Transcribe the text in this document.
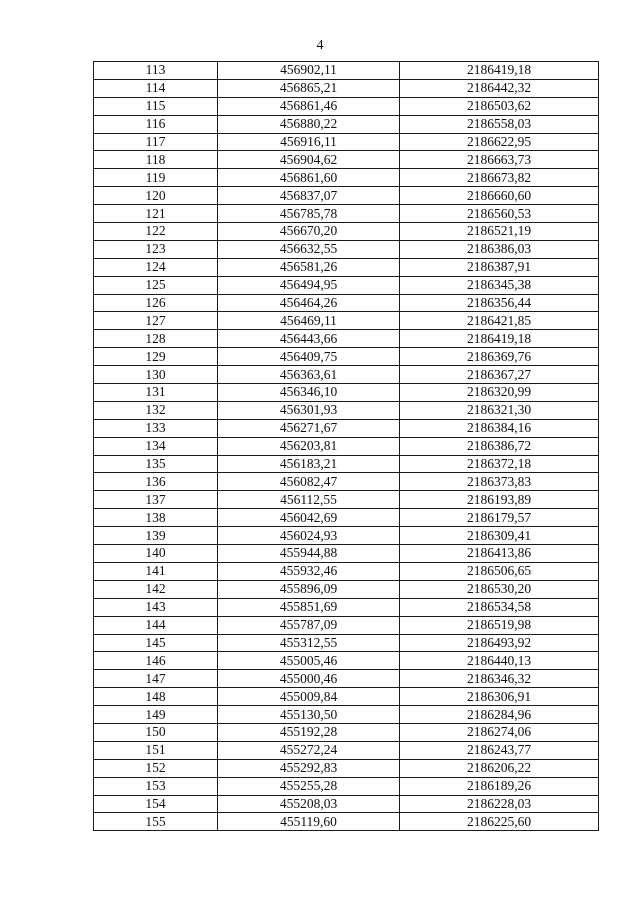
4
113	456902,11	2186419,18
114	456865,21	2186442,32
115	456861,46	2186503,62
116	456880,22	2186558,03
117	456916,11	2186622,95
118	456904,62	2186663,73
119	456861,60	2186673,82
120	456837,07	2186660,60
121	456785,78	2186560,53
122	456670,20	2186521,19
123	456632,55	2186386,03
124	456581,26	2186387,91
125	456494,95	2186345,38
126	456464,26	2186356,44
127	456469,11	2186421,85
128	456443,66	2186419,18
129	456409,75	2186369,76
130	456363,61	2186367,27
131	456346,10	2186320,99
132	456301,93	2186321,30
133	456271,67	2186384,16
134	456203,81	2186386,72
135	456183,21	2186372,18
136	456082,47	2186373,83
137	456112,55	2186193,89
138	456042,69	2186179,57
139	456024,93	2186309,41
140	455944,88	2186413,86
141	455932,46	2186506,65
142	455896,09	2186530,20
143	455851,69	2186534,58
144	455787,09	2186519,98
145	455312,55	2186493,92
146	455005,46	2186440,13
147	455000,46	2186346,32
148	455009,84	2186306,91
149	455130,50	2186284,96
150	455192,28	2186274,06
151	455272,24	2186243,77
152	455292,83	2186206,22
153	455255,28	2186189,26
154	455208,03	2186228,03
155	455119,60	2186225,60
